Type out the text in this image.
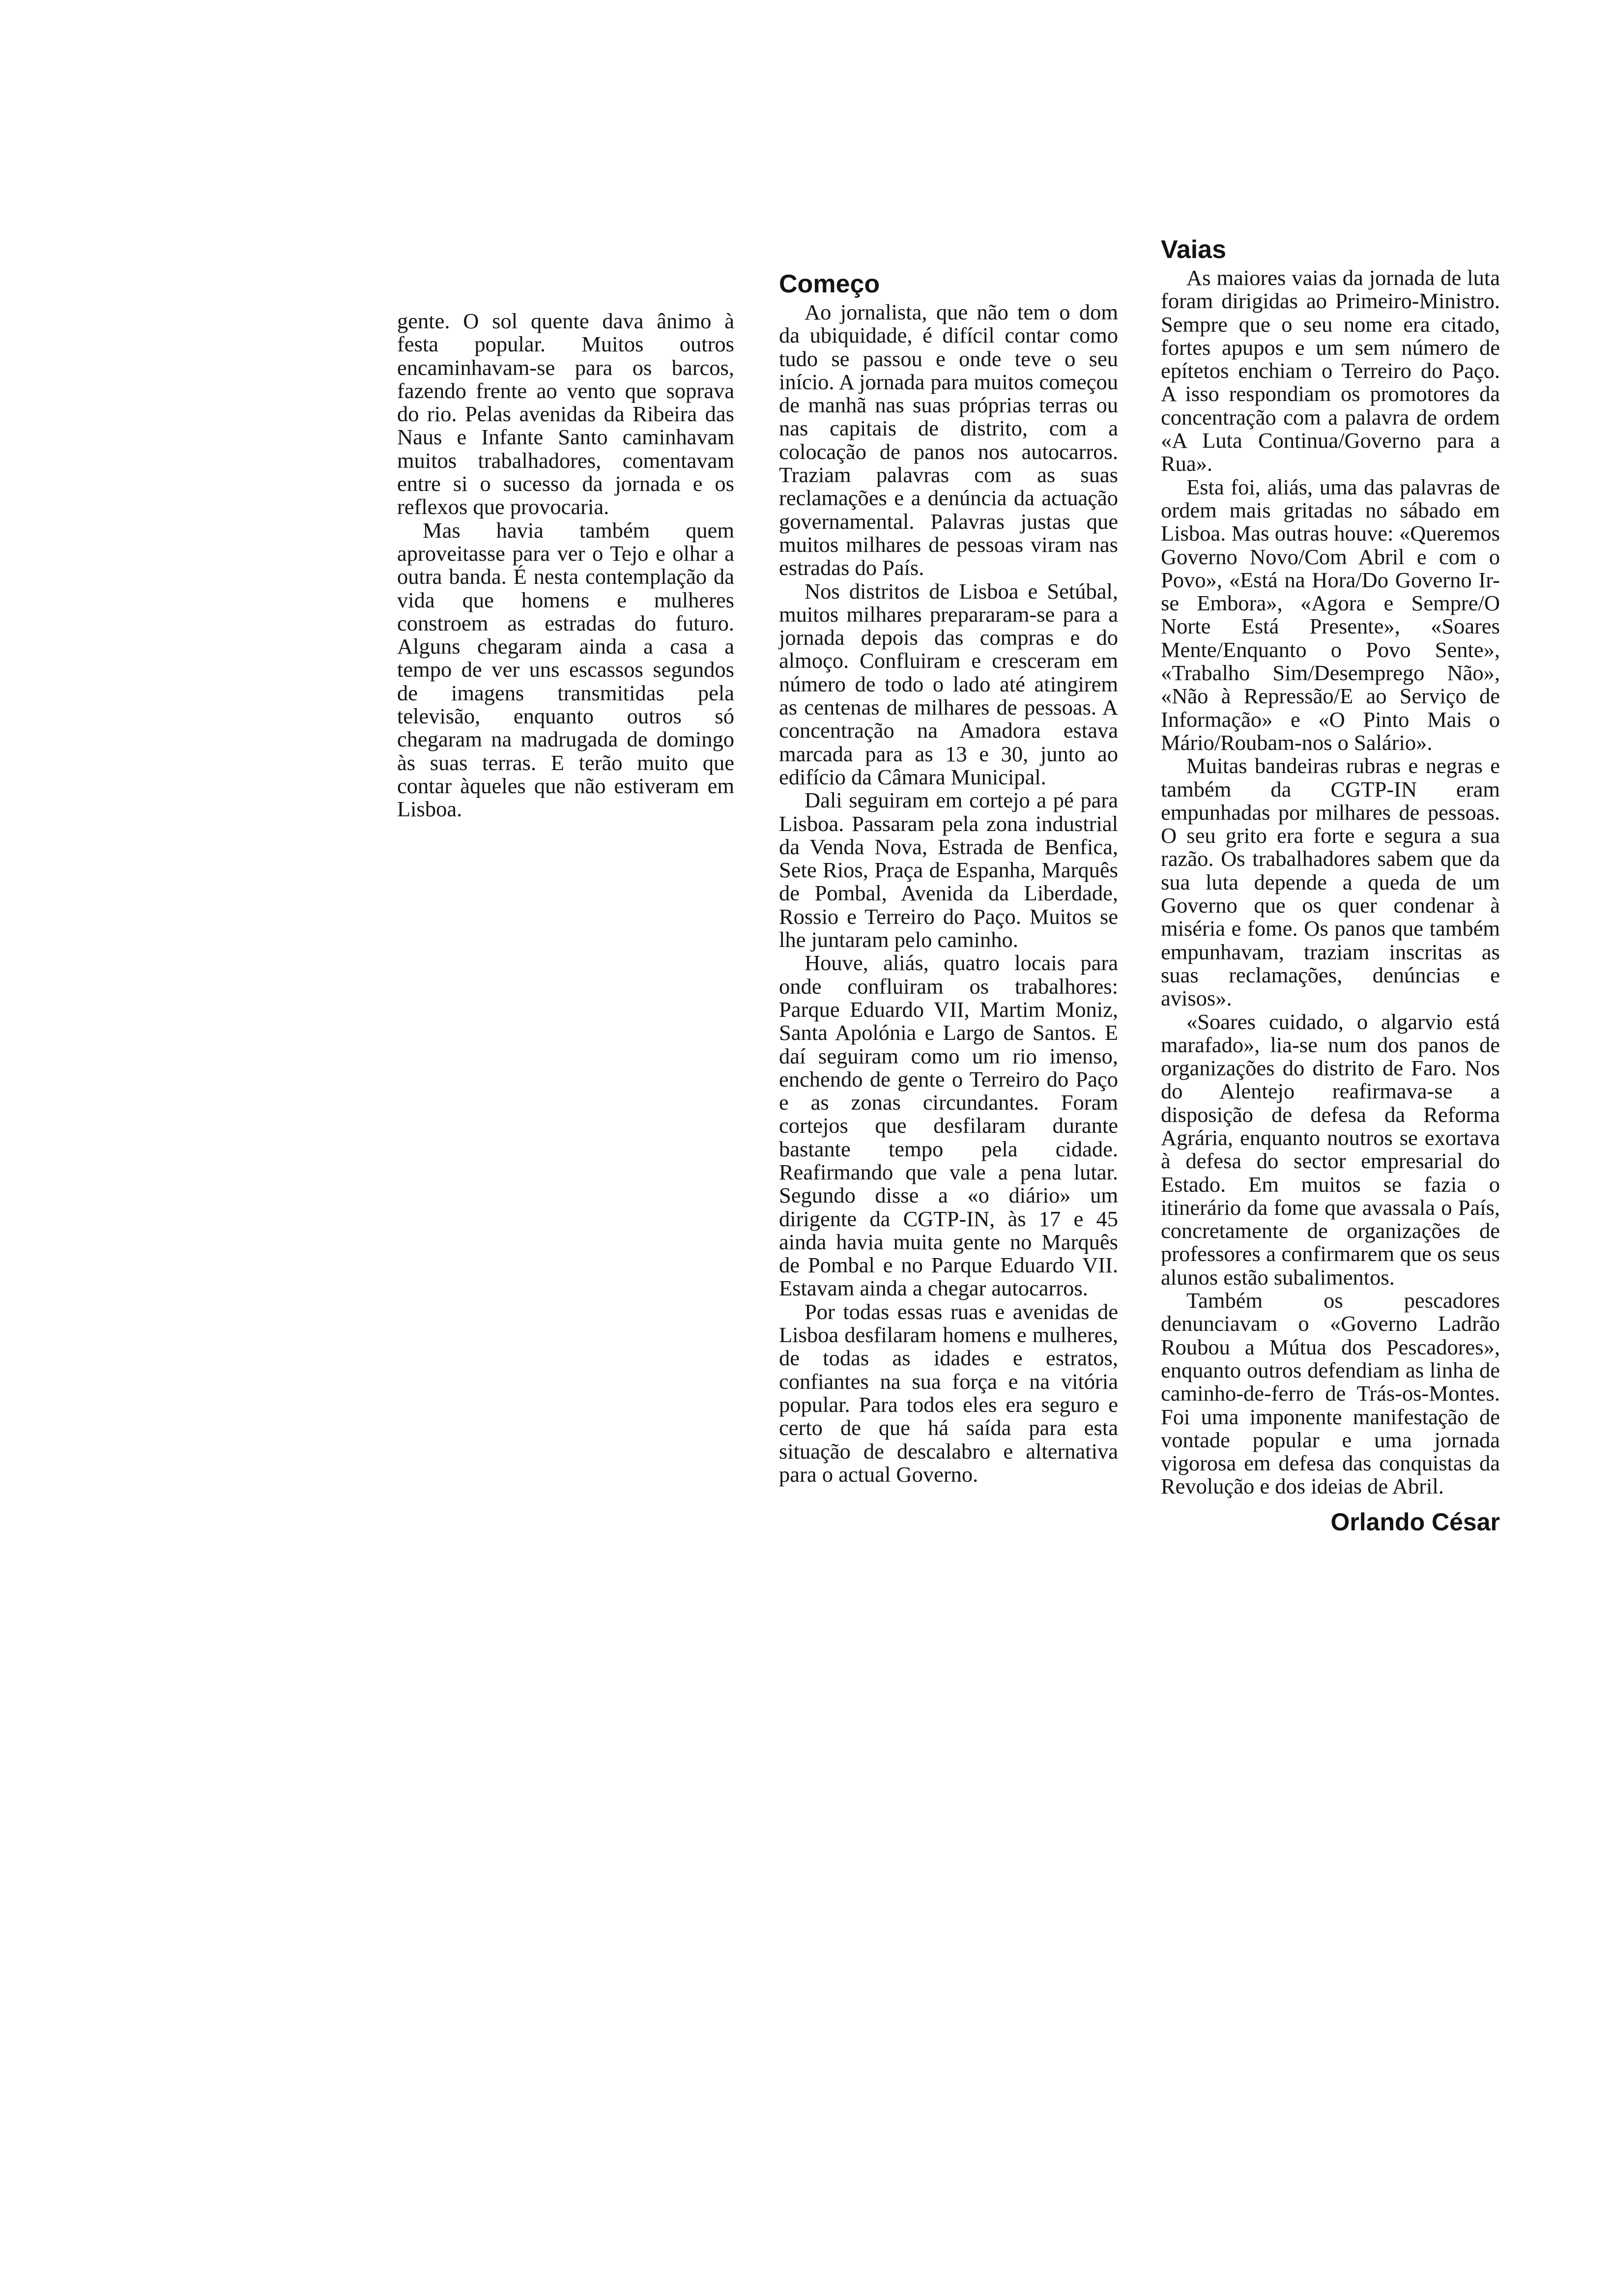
gente. O sol quente dava ânimo à festa popular. Muitos outros encaminhavam-se para os barcos, fazendo frente ao vento que soprava do rio. Pelas avenidas da Ribeira das Naus e Infante Santo caminhavam muitos trabalhadores, comentavam entre si o sucesso da jornada e os reflexos que provocaria.

Mas havia também quem aproveitasse para ver o Tejo e olhar a outra banda. É nesta contemplação da vida que homens e mulheres constroem as estradas do futuro. Alguns chegaram ainda a casa a tempo de ver uns escassos segundos de imagens transmitidas pela televisão, enquanto outros só chegaram na madrugada de domingo às suas terras. E terão muito que contar àqueles que não estiveram em Lisboa.

Começo

Ao jornalista, que não tem o dom da ubiquidade, é difícil contar como tudo se passou e onde teve o seu início. A jornada para muitos começou de manhã nas suas próprias terras ou nas capitais de distrito, com a colocação de panos nos autocarros. Traziam palavras com as suas reclamações e a denúncia da actuação governamental. Palavras justas que muitos milhares de pessoas viram nas estradas do País.

Nos distritos de Lisboa e Setúbal, muitos milhares prepararam-se para a jornada depois das compras e do almoço. Confluiram e cresceram em número de todo o lado até atingirem as centenas de milhares de pessoas. A concentração na Amadora estava marcada para as 13 e 30, junto ao edifício da Câmara Municipal.

Dali seguiram em cortejo a pé para Lisboa. Passaram pela zona industrial da Venda Nova, Estrada de Benfica, Sete Rios, Praça de Espanha, Marquês de Pombal, Avenida da Liberdade, Rossio e Terreiro do Paço. Muitos se lhe juntaram pelo caminho.

Houve, aliás, quatro locais para onde confluiram os trabalhores: Parque Eduardo VII, Martim Moniz, Santa Apolónia e Largo de Santos. E daí seguiram como um rio imenso, enchendo de gente o Terreiro do Paço e as zonas circundantes. Foram cortejos que desfilaram durante bastante tempo pela cidade. Reafirmando que vale a pena lutar. Segundo disse a «o diário» um dirigente da CGTP-IN, às 17 e 45 ainda havia muita gente no Marquês de Pombal e no Parque Eduardo VII. Estavam ainda a chegar autocarros.

Por todas essas ruas e avenidas de Lisboa desfilaram homens e mulheres, de todas as idades e estratos, confiantes na sua força e na vitória popular. Para todos eles era seguro e certo de que há saída para esta situação de descalabro e alternativa para o actual Governo.

Vaias

As maiores vaias da jornada de luta foram dirigidas ao Primeiro-Ministro. Sempre que o seu nome era citado, fortes apupos e um sem número de epítetos enchiam o Terreiro do Paço. A isso respondiam os promotores da concentração com a palavra de ordem «A Luta Continua/Governo para a Rua».

Esta foi, aliás, uma das palavras de ordem mais gritadas no sábado em Lisboa. Mas outras houve: «Queremos Governo Novo/Com Abril e com o Povo», «Está na Hora/Do Governo Ir-se Embora», «Agora e Sempre/O Norte Está Presente», «Soares Mente/Enquanto o Povo Sente», «Trabalho Sim/Desemprego Não», «Não à Repressão/E ao Serviço de Informação» e «O Pinto Mais o Mário/Roubam-nos o Salário».

Muitas bandeiras rubras e negras e também da CGTP-IN eram empunhadas por milhares de pessoas. O seu grito era forte e segura a sua razão. Os trabalhadores sabem que da sua luta depende a queda de um Governo que os quer condenar à miséria e fome. Os panos que também empunhavam, traziam inscritas as suas reclamações, denúncias e avisos».

«Soares cuidado, o algarvio está marafado», lia-se num dos panos de organizações do distrito de Faro. Nos do Alentejo reafirmava-se a disposição de defesa da Reforma Agrária, enquanto noutros se exortava à defesa do sector empresarial do Estado. Em muitos se fazia o itinerário da fome que avassala o País, concretamente de organizações de professores a confirmarem que os seus alunos estão subalimentos.

Também os pescadores denunciavam o «Governo Ladrão Roubou a Mútua dos Pescadores», enquanto outros defendiam as linha de caminho-de-ferro de Trás-os-Montes. Foi uma imponente manifestação de vontade popular e uma jornada vigorosa em defesa das conquistas da Revolução e dos ideias de Abril.

Orlando César
